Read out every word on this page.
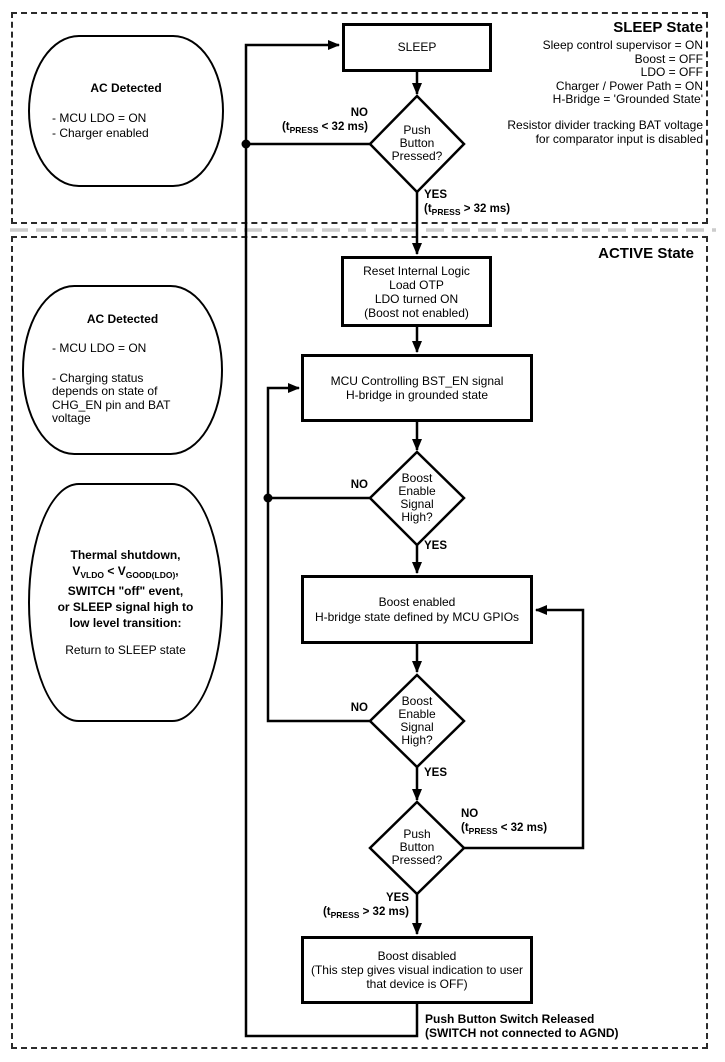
SLEEP State
Sleep control supervisor = ON
Boost = OFF
LDO = OFF
Charger / Power Path = ON
H-Bridge = 'Grounded State'
Resistor divider tracking BAT voltage
for comparator input is disabled
ACTIVE State
AC Detected
- MCU LDO = ON
- Charger enabled
SLEEP
Push
Button
Pressed?
NO
($t_{PRESS} < 32$ ms)
YES
($t_{PRESS} > 32$ ms)
AC Detected
- MCU LDO = ON
- Charging status
depends on state of
CHG_EN pin and BAT
voltage
Thermal shutdown,
$V_{VLDO} < V_{GOOD(LDO)}$,
SWITCH "off" event,
or SLEEP signal high to
low level transition:
Return to SLEEP state
Reset Internal Logic
Load OTP
LDO turned ON
(Boost not enabled)
MCU Controlling BST_EN signal
H-bridge in grounded state
Boost
Enable
Signal
High?
NO
YES
Boost enabled
H-bridge state defined by MCU GPIOs
Boost
Enable
Signal
High?
NO
YES
Push
Button
Pressed?
NO
($t_{PRESS} < 32$ ms)
YES
($t_{PRESS} > 32$ ms)
Boost disabled
(This step gives visual indication to user
that device is OFF)
Push Button Switch Released
(SWITCH not connected to AGND)
